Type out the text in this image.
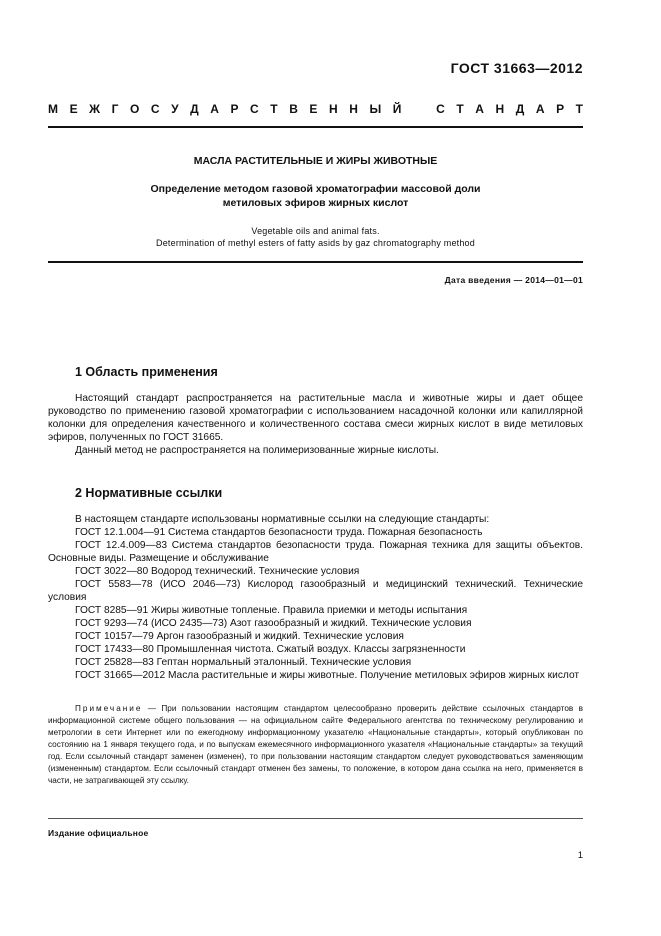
ГОСТ 31663—2012
М Е Ж Г О С У Д А Р С Т В Е Н Н Ы Й	С Т А Н Д А Р Т
МАСЛА РАСТИТЕЛЬНЫЕ И ЖИРЫ ЖИВОТНЫЕ
Определение методом газовой хроматографии массовой доли
метиловых эфиров жирных кислот
Vegetable oils and animal fats.
Determination of methyl esters of fatty asids by gaz chromatography method
Дата введения — 2014—01—01
1 Область применения

Настоящий стандарт распространяется на растительные масла и животные жиры и дает общее руководство по применению газовой хроматографии с использованием насадочной колонки или капиллярной колонки для определения качественного и количественного состава смеси жирных кислот в виде метиловых эфиров, полученных по ГОСТ 31665.

Данный метод не распространяется на полимеризованные жирные кислоты.

2 Нормативные ссылки

В настоящем стандарте использованы нормативные ссылки на следующие стандарты:

ГОСТ 12.1.004—91 Система стандартов безопасности труда. Пожарная безопасность

ГОСТ 12.4.009—83 Система стандартов безопасности труда. Пожарная техника для защиты объектов. Основные виды. Размещение и обслуживание

ГОСТ 3022—80 Водород технический. Технические условия

ГОСТ 5583—78 (ИСО 2046—73) Кислород газообразный и медицинский технический. Технические условия

ГОСТ 8285—91 Жиры животные топленые. Правила приемки и методы испытания

ГОСТ 9293—74 (ИСО 2435—73) Азот газообразный и жидкий. Технические условия

ГОСТ 10157—79 Аргон газообразный и жидкий. Технические условия

ГОСТ 17433—80 Промышленная чистота. Сжатый воздух. Классы загрязненности

ГОСТ 25828—83 Гептан нормальный эталонный. Технические условия

ГОСТ 31665—2012 Масла растительные и жиры животные. Получение метиловых эфиров жирных кислот

Примечание — При пользовании настоящим стандартом целесообразно проверить действие ссылочных стандартов в информационной системе общего пользования — на официальном сайте Федерального агентства по техническому регулированию и метрологии в сети Интернет или по ежегодному информационному указателю «Национальные стандарты», который опубликован по состоянию на 1 января текущего года, и по выпускам ежемесячного информационного указателя «Национальные стандарты» за текущий год. Если ссылочный стандарт заменен (изменен), то при пользовании настоящим стандартом следует руководствоваться заменяющим (измененным) стандартом. Если ссылочный стандарт отменен без замены, то положение, в котором дана ссылка на него, применяется в части, не затрагивающей эту ссылку.
Издание официальное
1
